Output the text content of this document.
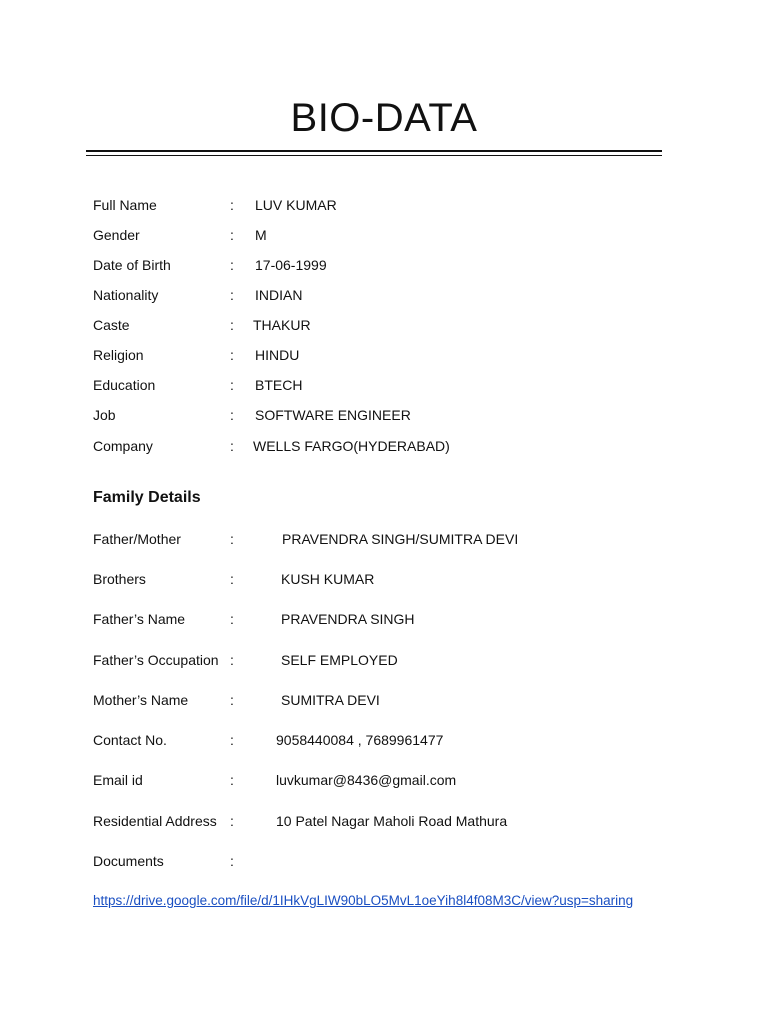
BIO-DATA
Full Name	: LUV KUMAR
Gender	: M
Date of Birth	: 17-06-1999
Nationality	: INDIAN
Caste	: THAKUR
Religion	: HINDU
Education	: BTECH
Job	: SOFTWARE ENGINEER
Company	: WELLS FARGO(HYDERABAD)
Family Details
Father/Mother	:	PRAVENDRA SINGH/SUMITRA DEVI
Brothers	:	KUSH KUMAR
Father’s Name	:	PRAVENDRA SINGH
Father’s Occupation :	SELF EMPLOYED
Mother’s Name	:	SUMITRA DEVI
Contact No.	:	9058440084 , 7689961477
Email id	:	luvkumar@8436@gmail.com
Residential Address :	10 Patel Nagar Maholi Road Mathura
Documents	:
https://drive.google.com/file/d/1IHkVgLIW90bLO5MvL1oeYih8l4f08M3C/view?usp=sharing
